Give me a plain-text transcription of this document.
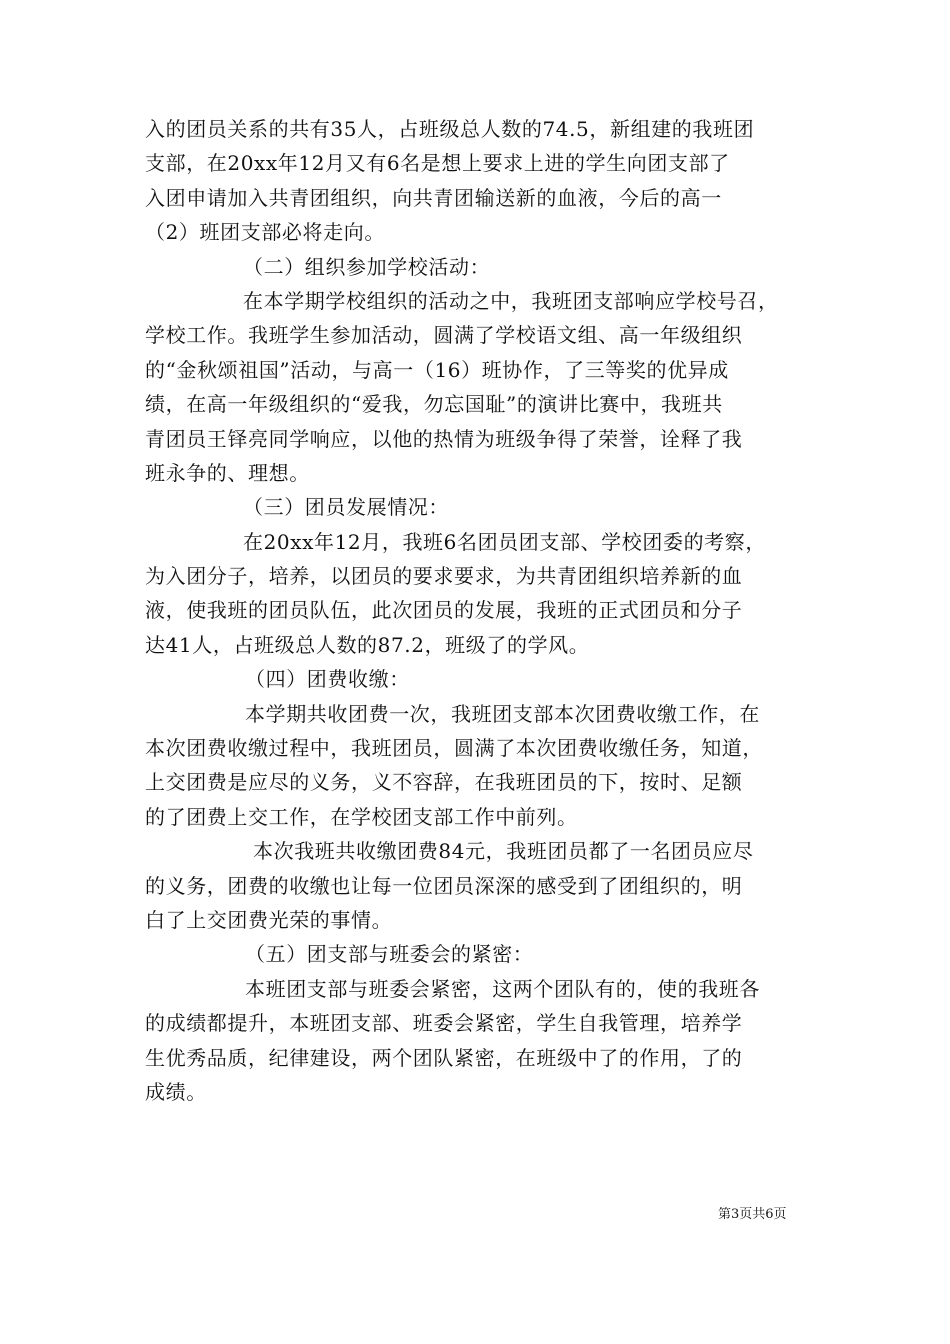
入的团员关系的共有35人，占班级总人数的74.5，新组建的我班团
支部，在20xx年12月又有6名是想上要求上进的学生向团支部了
入团申请加入共青团组织，向共青团输送新的血液，今后的高一
（2）班团支部必将走向。
（二）组织参加学校活动：
在本学期学校组织的活动之中，我班团支部响应学校号召，
学校工作。我班学生参加活动，圆满了学校语文组、高一年级组织
的“金秋颂祖国”活动，与高一（16）班协作，了三等奖的优异成
绩，在高一年级组织的“爱我，勿忘国耻”的演讲比赛中，我班共
青团员王铎亮同学响应，以他的热情为班级争得了荣誉，诠释了我
班永争的、理想。
（三）团员发展情况：
在20xx年12月，我班6名团员团支部、学校团委的考察，
为入团分子，培养，以团员的要求要求，为共青团组织培养新的血
液，使我班的团员队伍，此次团员的发展，我班的正式团员和分子
达41人，占班级总人数的87.2，班级了的学风。
（四）团费收缴：
本学期共收团费一次，我班团支部本次团费收缴工作，在
本次团费收缴过程中，我班团员，圆满了本次团费收缴任务，知道，
上交团费是应尽的义务，义不容辞，在我班团员的下，按时、足额
的了团费上交工作，在学校团支部工作中前列。
本次我班共收缴团费84元，我班团员都了一名团员应尽
的义务，团费的收缴也让每一位团员深深的感受到了团组织的，明
白了上交团费光荣的事情。
（五）团支部与班委会的紧密：
本班团支部与班委会紧密，这两个团队有的，使的我班各
的成绩都提升，本班团支部、班委会紧密，学生自我管理，培养学
生优秀品质，纪律建设，两个团队紧密，在班级中了的作用，了的
成绩。
第3页共6页
